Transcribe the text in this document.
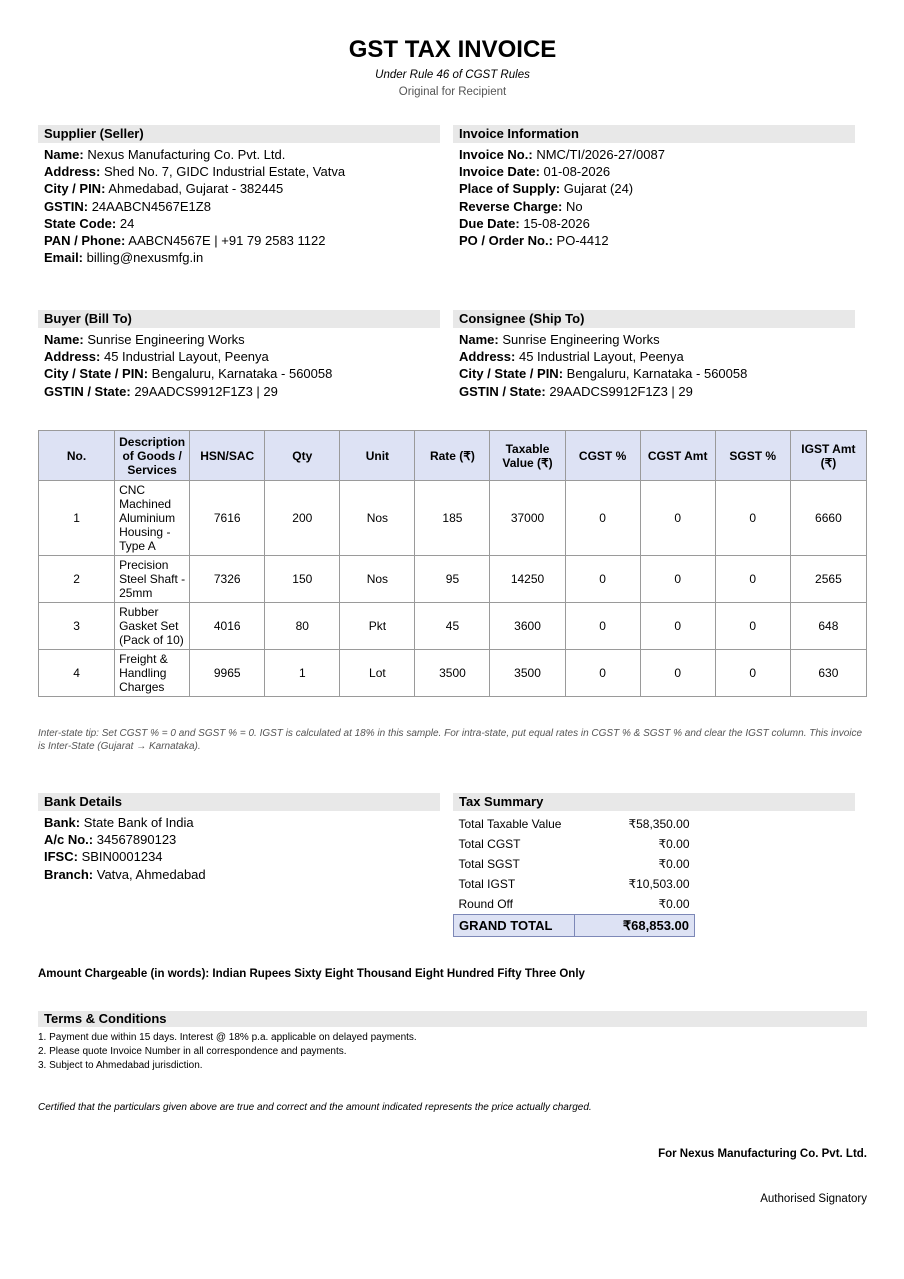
GST TAX INVOICE
Under Rule 46 of CGST Rules
Original for Recipient
Supplier (Seller)
Name: Nexus Manufacturing Co. Pvt. Ltd.
Address: Shed No. 7, GIDC Industrial Estate, Vatva
City / PIN: Ahmedabad, Gujarat - 382445
GSTIN: 24AABCN4567E1Z8
State Code: 24
PAN / Phone: AABCN4567E | +91 79 2583 1122
Email: billing@nexusmfg.in
Invoice Information
Invoice No.: NMC/TI/2026-27/0087
Invoice Date: 01-08-2026
Place of Supply: Gujarat (24)
Reverse Charge: No
Due Date: 15-08-2026
PO / Order No.: PO-4412
Buyer (Bill To)
Name: Sunrise Engineering Works
Address: 45 Industrial Layout, Peenya
City / State / PIN: Bengaluru, Karnataka - 560058
GSTIN / State: 29AADCS9912F1Z3 | 29
Consignee (Ship To)
Name: Sunrise Engineering Works
Address: 45 Industrial Layout, Peenya
City / State / PIN: Bengaluru, Karnataka - 560058
GSTIN / State: 29AADCS9912F1Z3 | 29
No.	Description of Goods / Services	HSN/SAC	Qty	Unit	Rate (₹)	Taxable Value (₹)	CGST %	CGST Amt	SGST %	IGST Amt (₹)
1	CNC Machined Aluminium Housing - Type A	7616	200	Nos	185	37000	0	0	0	6660
2	Precision Steel Shaft - 25mm	7326	150	Nos	95	14250	0	0	0	2565
3	Rubber Gasket Set (Pack of 10)	4016	80	Pkt	45	3600	0	0	0	648
4	Freight & Handling Charges	9965	1	Lot	3500	3500	0	0	0	630
Inter-state tip: Set CGST % = 0 and SGST % = 0. IGST is calculated at 18% in this sample. For intra-state, put equal rates in CGST % & SGST % and clear the IGST column. This invoice is Inter-State (Gujarat → Karnataka).
Bank Details
Bank: State Bank of India
A/c No.: 34567890123
IFSC: SBIN0001234
Branch: Vatva, Ahmedabad
Tax Summary
Total Taxable Value	₹58,350.00
Total CGST	₹0.00
Total SGST	₹0.00
Total IGST	₹10,503.00
Round Off	₹0.00
GRAND TOTAL	₹68,853.00
Amount Chargeable (in words): Indian Rupees Sixty Eight Thousand Eight Hundred Fifty Three Only
Terms & Conditions
1. Payment due within 15 days. Interest @ 18% p.a. applicable on delayed payments.
2. Please quote Invoice Number in all correspondence and payments.
3. Subject to Ahmedabad jurisdiction.
Certified that the particulars given above are true and correct and the amount indicated represents the price actually charged.
For Nexus Manufacturing Co. Pvt. Ltd.
Authorised Signatory
